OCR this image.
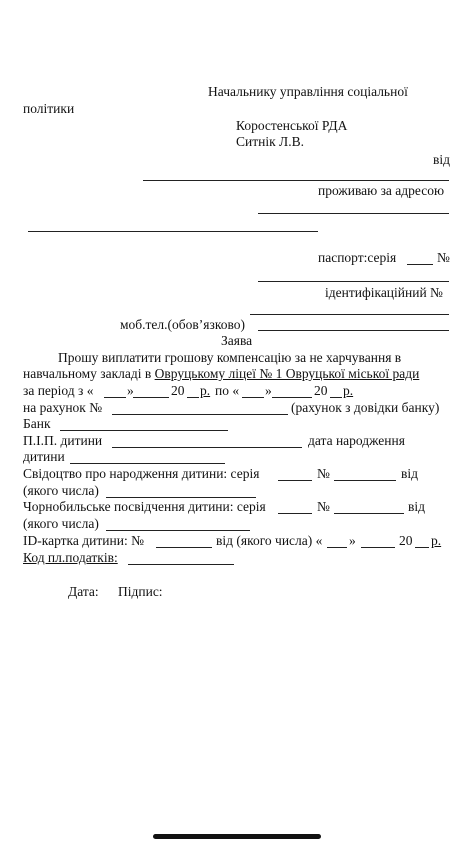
Начальнику управління соціальної
політики
Коростенської РДА
Ситнік Л.В.
від
проживаю за адресою
паспорт:серія	№
ідентифікаційний №
моб.тел.(обов’язково)
Заява
Прошу виплатити грошову компенсацію за не харчування в
навчальному закладі в Овруцькому ліцеї № 1 Овруцької міської ради
за період з « »	20 р. по « »	20 р.
на рахунок №	(рахунок з довідки банку)
Банк
П.І.П. дитини	дата народження
дитини
Свідоцтво про народження дитини: серія	№	від
(якого числа)
Чорнобильське посвідчення дитини: серія	№	від
(якого числа)
ID-картка дитини: №	від (якого числа) « »	20 р.
Код пл.податків:
Дата: Підпис:
